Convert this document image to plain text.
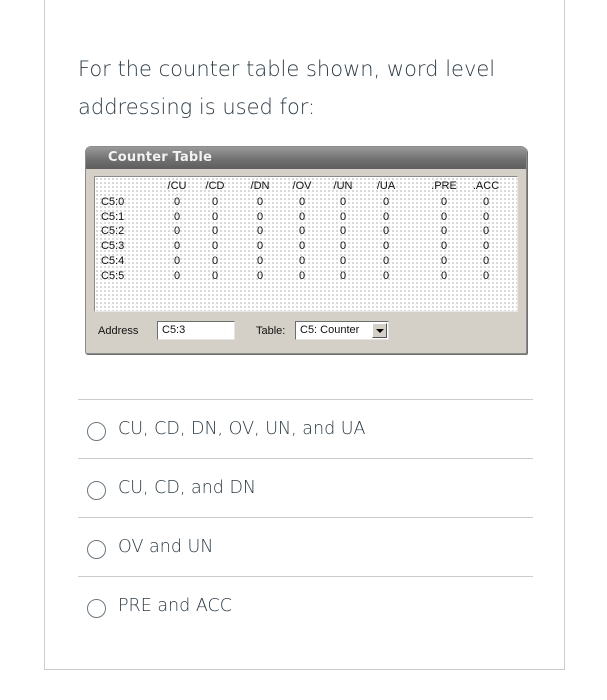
For the counter table shown, word level addressing is used for:
Counter Table
/CU /CD /DN /OV /UN /UA	.PRE .ACC
C5:0	0	0	0	0	0	0	0	0
C5:1	0	0	0	0	0	0	0	0
C5:2	0	0	0	0	0	0	0	0
C5:3	0	0	0	0	0	0	0	0
C5:4	0	0	0	0	0	0	0	0
C5:5	0	0	0	0	0	0	0	0
Address	C5:3	Table:	C5: Counter
CU, CD, DN, OV, UN, and UA
CU, CD, and DN
OV and UN
PRE and ACC
